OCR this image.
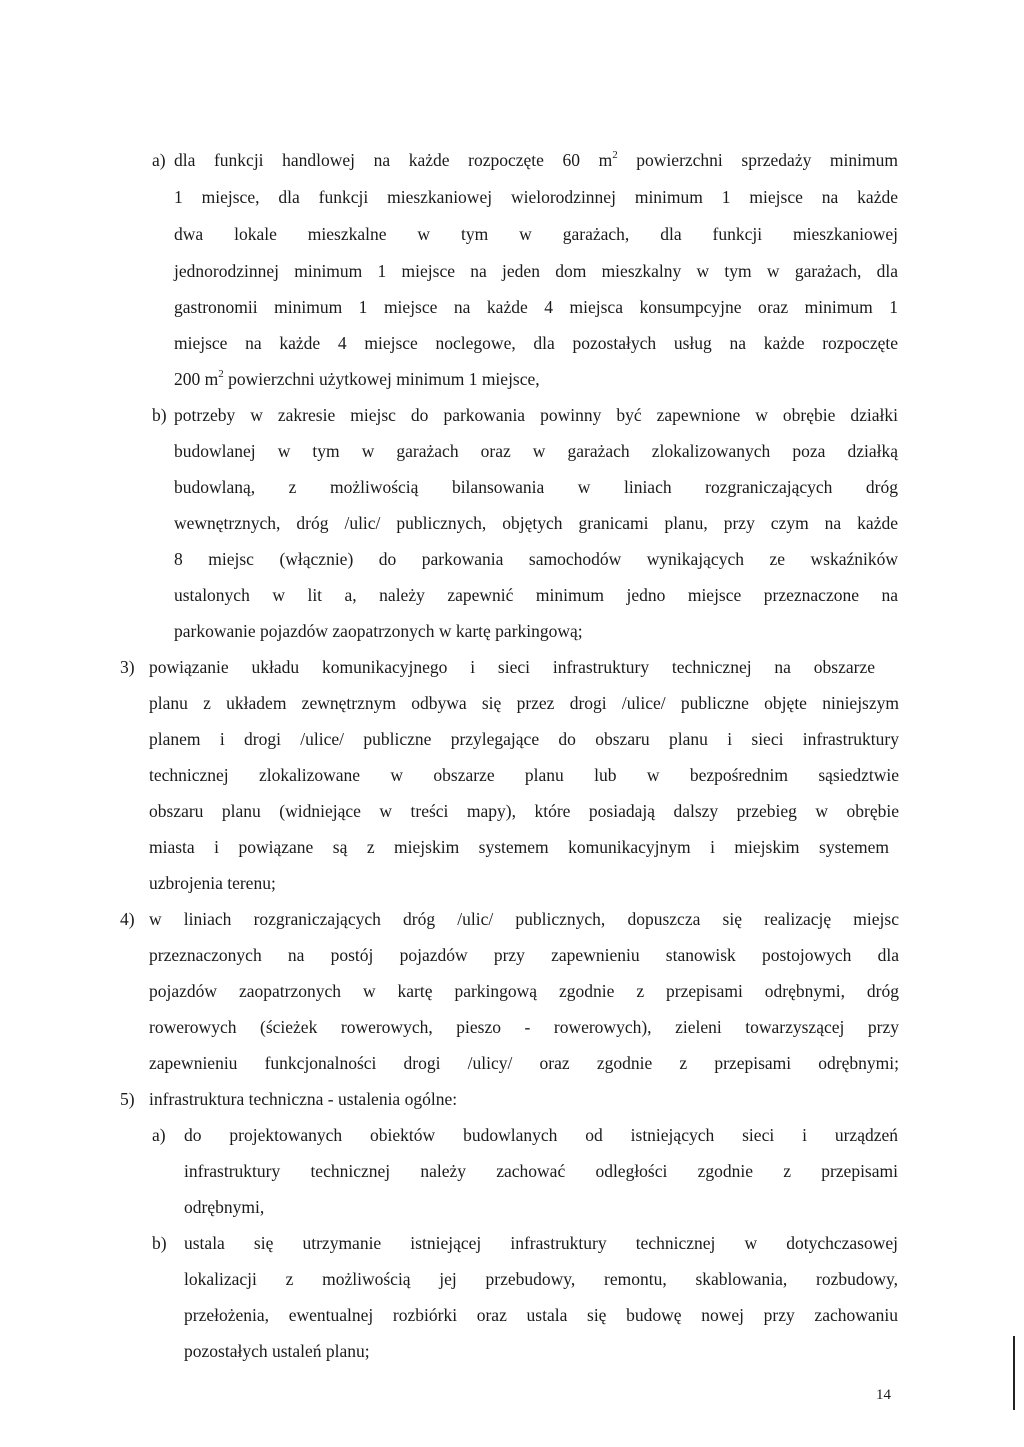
a) dla funkcji handlowej na każde rozpoczęte 60 $m^2$ powierzchni sprzedaży minimum
1 miejsce, dla funkcji mieszkaniowej wielorodzinnej minimum 1 miejsce na każde
dwa lokale mieszkalne w tym w garażach, dla funkcji mieszkaniowej
jednorodzinnej minimum 1 miejsce na jeden dom mieszkalny w tym w garażach, dla
gastronomii minimum 1 miejsce na każde 4 miejsca konsumpcyjne oraz minimum 1
miejsce na każde 4 miejsce noclegowe, dla pozostałych usług na każde rozpoczęte
200 $m^2$ powierzchni użytkowej minimum 1 miejsce,
b) potrzeby w zakresie miejsc do parkowania powinny być zapewnione w obrębie działki
budowlanej w tym w garażach oraz w garażach zlokalizowanych poza działką
budowlaną, z możliwością bilansowania w liniach rozgraniczających dróg
wewnętrznych, dróg /ulic/ publicznych, objętych granicami planu, przy czym na każde
8 miejsc (włącznie) do parkowania samochodów wynikających ze wskaźników
ustalonych w lit a, należy zapewnić minimum jedno miejsce przeznaczone na
parkowanie pojazdów zaopatrzonych w kartę parkingową;
3) powiązanie układu komunikacyjnego i sieci infrastruktury technicznej na obszarze
planu z układem zewnętrznym odbywa się przez drogi /ulice/ publiczne objęte niniejszym
planem i drogi /ulice/ publiczne przylegające do obszaru planu i sieci infrastruktury
technicznej zlokalizowane w obszarze planu lub w bezpośrednim sąsiedztwie
obszaru planu (widniejące w treści mapy), które posiadają dalszy przebieg w obrębie
miasta i powiązane są z miejskim systemem komunikacyjnym i miejskim systemem
uzbrojenia terenu;
4) w liniach rozgraniczających dróg /ulic/ publicznych, dopuszcza się realizację miejsc
przeznaczonych na postój pojazdów przy zapewnieniu stanowisk postojowych dla
pojazdów zaopatrzonych w kartę parkingową zgodnie z przepisami odrębnymi, dróg
rowerowych (ścieżek rowerowych, pieszo - rowerowych), zieleni towarzyszącej przy
zapewnieniu funkcjonalności drogi /ulicy/ oraz zgodnie z przepisami odrębnymi;
5) infrastruktura techniczna - ustalenia ogólne:
a) do projektowanych obiektów budowlanych od istniejących sieci i urządzeń
infrastruktury technicznej należy zachować odległości zgodnie z przepisami
odrębnymi,
b) ustala się utrzymanie istniejącej infrastruktury technicznej w dotychczasowej
lokalizacji z możliwością jej przebudowy, remontu, skablowania, rozbudowy,
przełożenia, ewentualnej rozbiórki oraz ustala się budowę nowej przy zachowaniu
pozostałych ustaleń planu;
14
